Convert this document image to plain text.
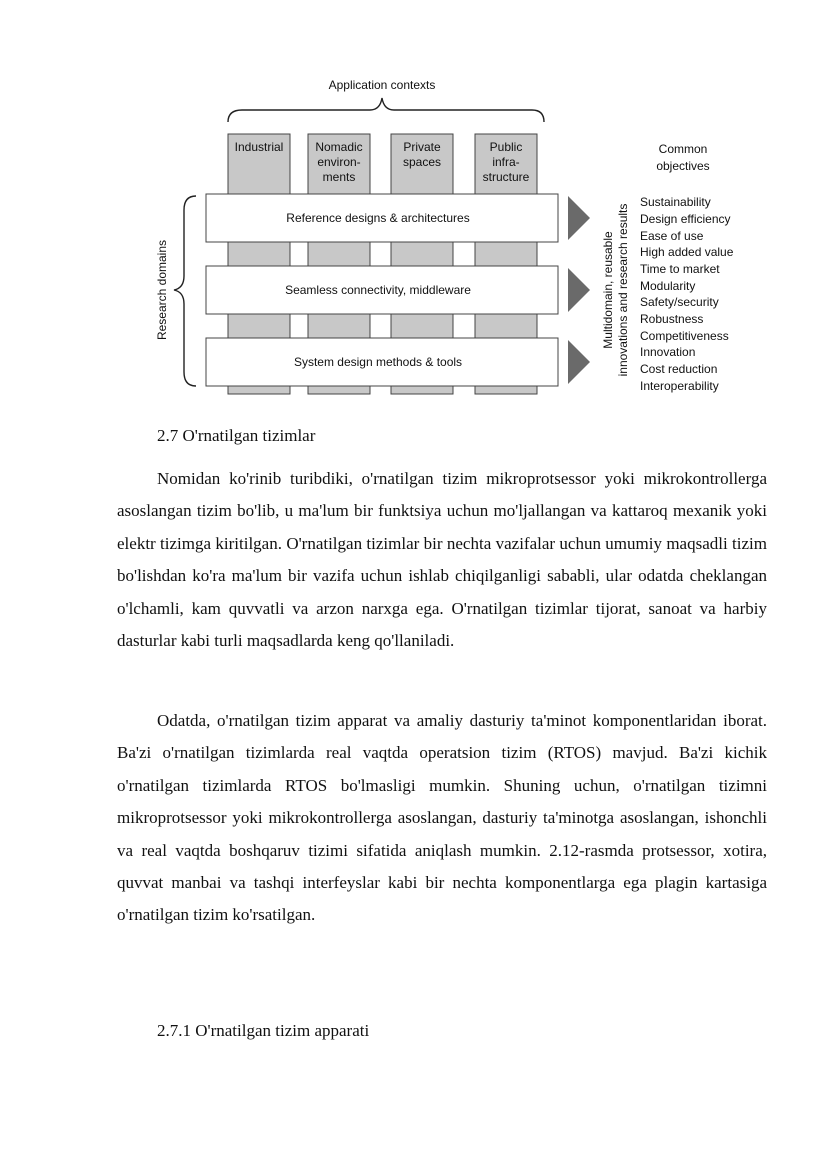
Application contexts
Industrial	Nomadic
environ-
ments
Private
spaces
Public
infra-
structure
Reference designs & architectures
Seamless connectivity, middleware
System design methods & tools
Research domains	Multidomain, reusable innovations and research results
Common
objectives
Sustainability
Design efficiency
Ease of use
High added value
Time to market
Modularity
Safety/security
Robustness
Competitiveness
Innovation
Cost reduction
Interoperability
2.7 O'rnatilgan tizimlar

Nomidan ko'rinib turibdiki, o'rnatilgan tizim mikroprotsessor yoki mikrokontrollerga asoslangan tizim bo'lib, u ma'lum bir funktsiya uchun mo'ljallangan va kattaroq mexanik yoki elektr tizimga kiritilgan. O'rnatilgan tizimlar bir nechta vazifalar uchun umumiy maqsadli tizim bo'lishdan ko'ra ma'lum bir vazifa uchun ishlab chiqilganligi sababli, ular odatda cheklangan o'lchamli, kam quvvatli va arzon narxga ega. O'rnatilgan tizimlar tijorat, sanoat va harbiy dasturlar kabi turli maqsadlarda keng qo'llaniladi.

Odatda, o'rnatilgan tizim apparat va amaliy dasturiy ta'minot komponentlaridan iborat. Ba'zi o'rnatilgan tizimlarda real vaqtda operatsion tizim (RTOS) mavjud. Ba'zi kichik o'rnatilgan tizimlarda RTOS bo'lmasligi mumkin. Shuning uchun, o'rnatilgan tizimni mikroprotsessor yoki mikrokontrollerga asoslangan, dasturiy ta'minotga asoslangan, ishonchli va real vaqtda boshqaruv tizimi sifatida aniqlash mumkin. 2.12-rasmda protsessor, xotira, quvvat manbai va tashqi interfeyslar kabi bir nechta komponentlarga ega plagin kartasiga o'rnatilgan tizim ko'rsatilgan.

2.7.1 O'rnatilgan tizim apparati
